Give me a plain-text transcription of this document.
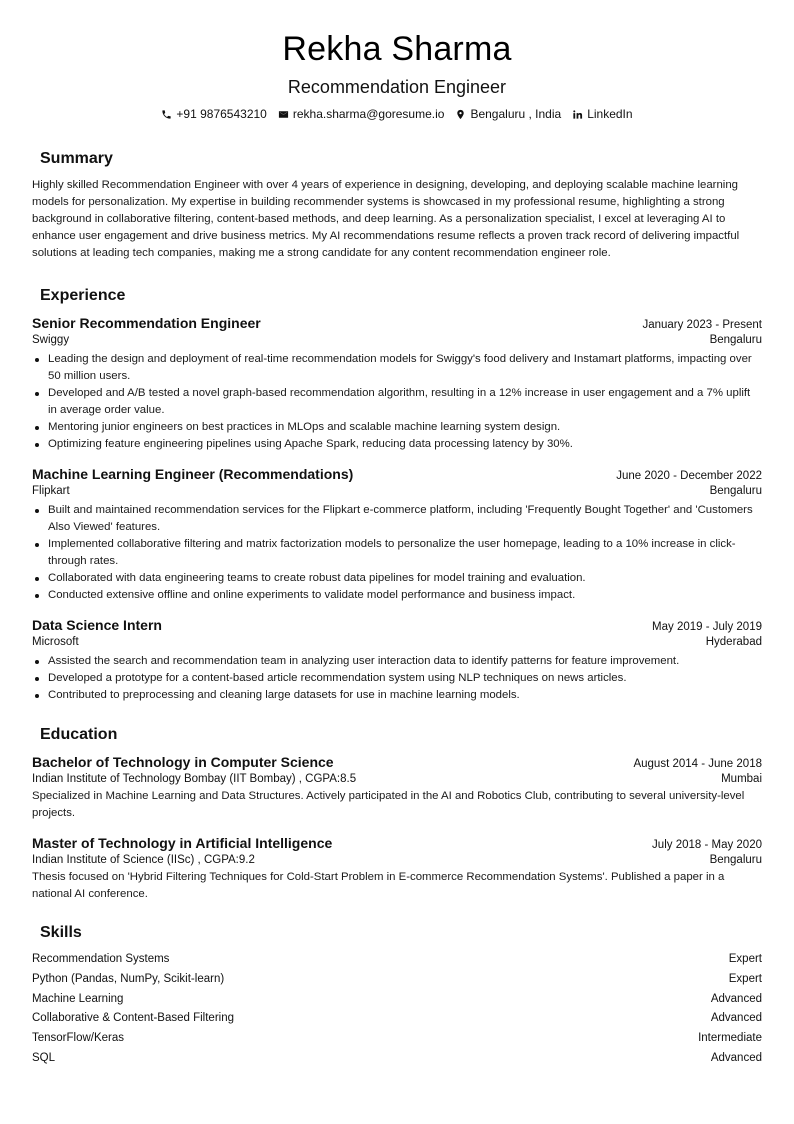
Rekha Sharma
Recommendation Engineer
+91 9876543210 rekha.sharma@goresume.io Bengaluru , India LinkedIn
Summary

Highly skilled Recommendation Engineer with over 4 years of experience in designing, developing, and deploying scalable machine learning models for personalization. My expertise in building recommender systems is showcased in my professional resume, highlighting a strong background in collaborative filtering, content-based methods, and deep learning. As a personalization specialist, I excel at leveraging AI to enhance user engagement and drive business metrics. My AI recommendations resume reflects a proven track record of delivering impactful solutions at leading tech companies, making me a strong candidate for any content recommendation engineer role.

Experience
Senior Recommendation Engineer	January 2023 - Present
Swiggy	Bengaluru
Leading the design and deployment of real-time recommendation models for Swiggy's food delivery and Instamart platforms, impacting over 50 million users.
Developed and A/B tested a novel graph-based recommendation algorithm, resulting in a 12% increase in user engagement and a 7% uplift in average order value.
Mentoring junior engineers on best practices in MLOps and scalable machine learning system design.
Optimizing feature engineering pipelines using Apache Spark, reducing data processing latency by 30%.
Machine Learning Engineer (Recommendations)	June 2020 - December 2022
Flipkart	Bengaluru
Built and maintained recommendation services for the Flipkart e-commerce platform, including 'Frequently Bought Together' and 'Customers Also Viewed' features.
Implemented collaborative filtering and matrix factorization models to personalize the user homepage, leading to a 10% increase in click-through rates.
Collaborated with data engineering teams to create robust data pipelines for model training and evaluation.
Conducted extensive offline and online experiments to validate model performance and business impact.
Data Science Intern	May 2019 - July 2019
Microsoft	Hyderabad
Assisted the search and recommendation team in analyzing user interaction data to identify patterns for feature improvement.
Developed a prototype for a content-based article recommendation system using NLP techniques on news articles.
Contributed to preprocessing and cleaning large datasets for use in machine learning models.
Education
Bachelor of Technology in Computer Science	August 2014 - June 2018
Indian Institute of Technology Bombay (IIT Bombay) , CGPA:8.5	Mumbai

Specialized in Machine Learning and Data Structures. Actively participated in the AI and Robotics Club, contributing to several university-level projects.

Master of Technology in Artificial Intelligence	July 2018 - May 2020
Indian Institute of Science (IISc) , CGPA:9.2	Bengaluru

Thesis focused on 'Hybrid Filtering Techniques for Cold-Start Problem in E-commerce Recommendation Systems'. Published a paper in a national AI conference.

Skills
Recommendation Systems	Expert
Python (Pandas, NumPy, Scikit-learn)	Expert
Machine Learning	Advanced
Collaborative & Content-Based Filtering	Advanced
TensorFlow/Keras	Intermediate
SQL	Advanced
